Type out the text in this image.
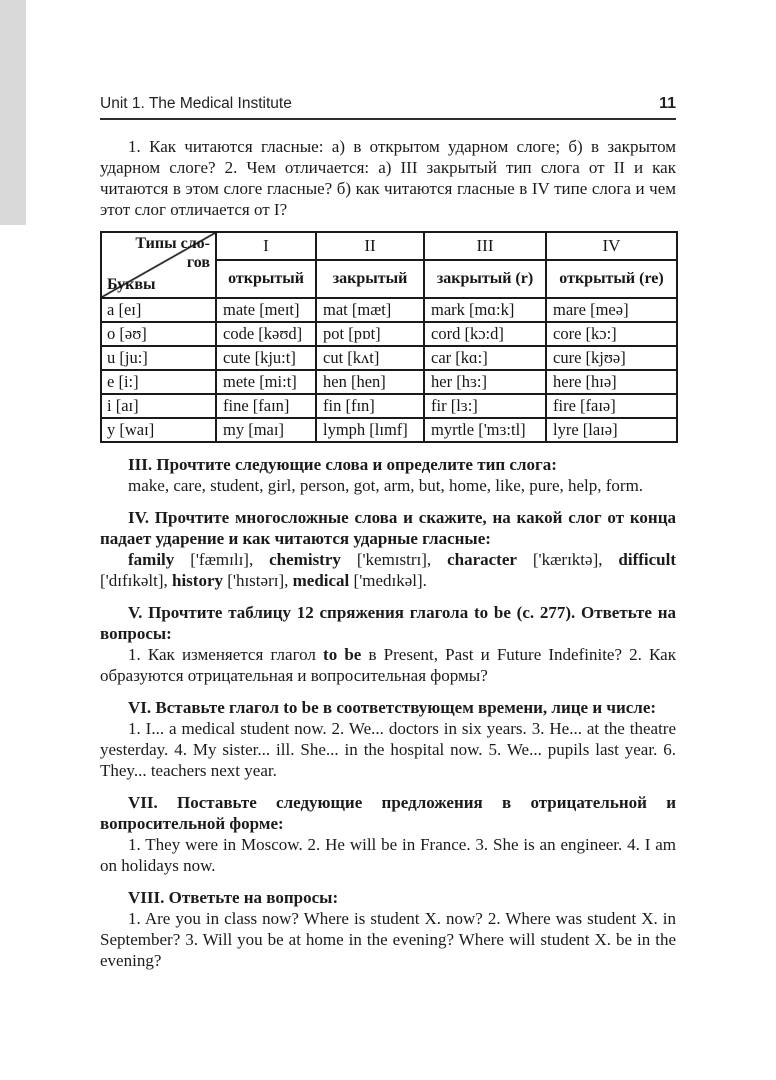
Unit 1. The Medical Institute	11

1. Как читаются гласные: а) в открытом ударном слоге; б) в закрытом ударном слоге? 2. Чем отличается: а) III закрытый тип слога от II и как читаются в этом слоге гласные? б) как читаются гласные в IV типе слога и чем этот слог отличается от I?

Типы сло-
гов
Буквы	I	II	III	IV
	открытый	закрытый	закрытый (r)	открытый (re)
a [eɪ]	mate [meɪt]	mat [mæt]	mark [mɑ:k]	mare [meə]
o [əʊ]	code [kəʊd]	pot [pɒt]	cord [kɔ:d]	core [kɔ:]
u [ju:]	cute [kju:t]	cut [kʌt]	car [kɑ:]	cure [kjʊə]
e [i:]	mete [mi:t]	hen [hen]	her [hɜ:]	here [hɪə]
i [aɪ]	fine [faɪn]	fin [fɪn]	fir [lɜ:]	fire [faɪə]
y [waɪ]	my [maɪ]	lymph [lɪmf]	myrtle ['mɜ:tl]	lyre [laɪə]

III. Прочтите следующие слова и определите тип слога:

make, care, student, girl, person, got, arm, but, home, like, pure, help, form.

IV. Прочтите многосложные слова и скажите, на какой слог от конца падает ударение и как читаются ударные гласные:

family ['fæmɪlɪ], chemistry ['kemɪstrɪ], character ['kærɪktə], difficult ['dɪfɪkəlt], history ['hɪstərɪ], medical ['medɪkəl].

V. Прочтите таблицу 12 спряжения глагола to be (с. 277). Ответьте на вопросы:

1. Как изменяется глагол to be в Present, Past и Future Indefinite? 2. Как образуются отрицательная и вопросительная формы?

VI. Вставьте глагол to be в соответствующем времени, лице и числе:

1. I... a medical student now. 2. We... doctors in six years. 3. He... at the theatre yesterday. 4. My sister... ill. She... in the hospital now. 5. We... pupils last year. 6. They... teachers next year.

VII. Поставьте следующие предложения в отрицательной и вопросительной форме:

1. They were in Moscow. 2. He will be in France. 3. She is an engineer. 4. I am on holidays now.

VIII. Ответьте на вопросы:

1. Are you in class now? Where is student X. now? 2. Where was student X. in September? 3. Will you be at home in the evening? Where will student X. be in the evening?
